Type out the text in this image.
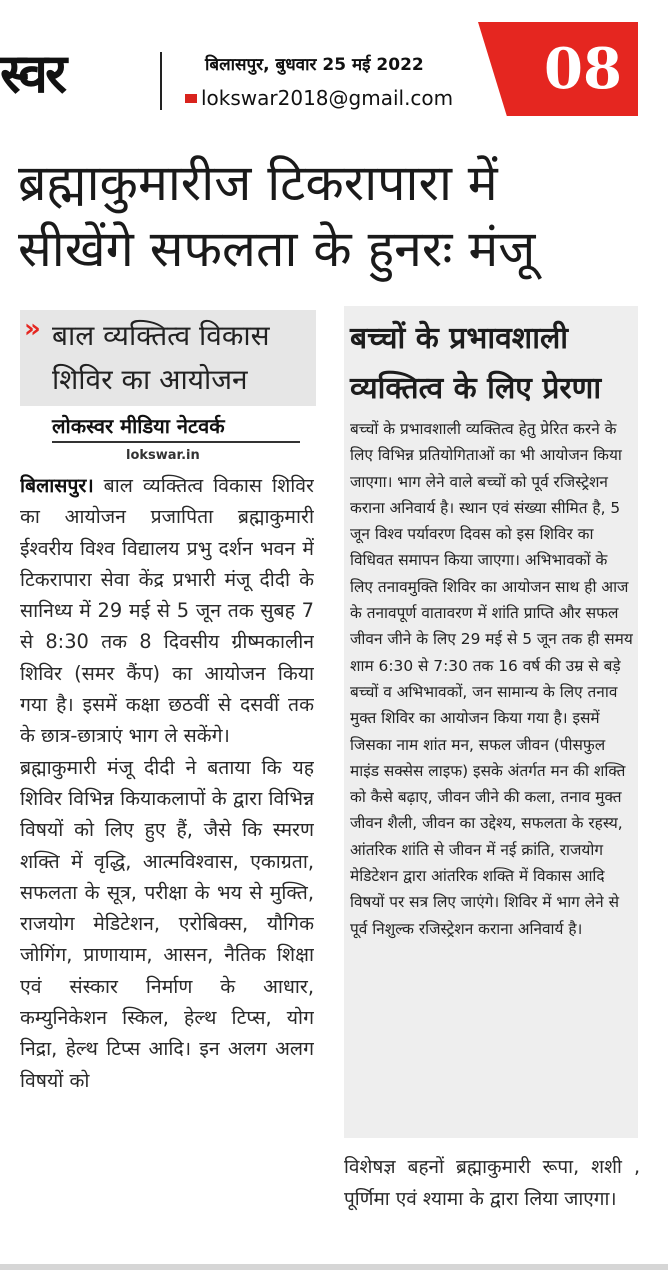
स्वर	बिलासपुर, बुधवार 25 मई 2022
lokswar2018@gmail.com 08
ब्रह्माकुमारीज टिकरापारा में
सीखेंगे सफलता के हुनरः मंजू
» बाल व्यक्तित्व विकास
शिविर का आयोजन
लोकस्वर मीडिया नेटवर्क
lokswar.in

बिलासपुर। बाल व्यक्तित्व विकास शिविर का आयोजन प्रजापिता ब्रह्माकुमारी ईश्वरीय विश्व विद्यालय प्रभु दर्शन भवन में टिकरापारा सेवा केंद्र प्रभारी मंजू दीदी के सानिध्य में 29 मई से 5 जून तक सुबह 7 से 8:30 तक 8 दिवसीय ग्रीष्मकालीन शिविर (समर कैंप) का आयोजन किया गया है। इसमें कक्षा छठवीं से दसवीं तक के छात्र-छात्राएं भाग ले सकेंगे।

ब्रह्माकुमारी मंजू दीदी ने बताया कि यह शिविर विभिन्न कियाकलापों के द्वारा विभिन्न विषयों को लिए हुए हैं, जैसे कि स्मरण शक्ति में वृद्धि, आत्मविश्वास, एकाग्रता, सफलता के सूत्र, परीक्षा के भय से मुक्ति, राजयोग मेडिटेशन, एरोबिक्स, यौगिक जोगिंग, प्राणायाम, आसन, नैतिक शिक्षा एवं संस्कार निर्माण के आधार, कम्युनिकेशन स्किल, हेल्थ टिप्स, योग निद्रा, हेल्थ टिप्स आदि। इन अलग अलग विषयों को

बच्चों के प्रभावशाली
व्यक्तित्व के लिए प्रेरणा
बच्चों के प्रभावशाली व्यक्तित्व हेतु प्रेरित करने के लिए विभिन्न प्रतियोगिताओं का भी आयोजन किया जाएगा। भाग लेने वाले बच्चों को पूर्व रजिस्ट्रेशन कराना अनिवार्य है। स्थान एवं संख्या सीमित है, 5 जून विश्व पर्यावरण दिवस को इस शिविर का विधिवत समापन किया जाएगा। अभिभावकों के लिए तनावमुक्ति शिविर का आयोजन साथ ही आज के तनावपूर्ण वातावरण में शांति प्राप्ति और सफल जीवन जीने के लिए 29 मई से 5 जून तक ही समय शाम 6:30 से 7:30 तक 16 वर्ष की उम्र से बड़े बच्चों व अभिभावकों, जन सामान्य के लिए तनाव मुक्त शिविर का आयोजन किया गया है। इसमें जिसका नाम शांत मन, सफल जीवन (पीसफुल माइंड सक्सेस लाइफ) इसके अंतर्गत मन की शक्ति को कैसे बढ़ाए, जीवन जीने की कला, तनाव मुक्त जीवन शैली, जीवन का उद्देश्य, सफलता के रहस्य, आंतरिक शांति से जीवन में नई क्रांति, राजयोग मेडिटेशन द्वारा आंतरिक शक्ति में विकास आदि विषयों पर सत्र लिए जाएंगे। शिविर में भाग लेने से पूर्व निशुल्क रजिस्ट्रेशन कराना अनिवार्य है।
विशेषज्ञ बहनों ब्रह्माकुमारी रूपा, शशी , पूर्णिमा एवं श्यामा के द्वारा लिया जाएगा।
